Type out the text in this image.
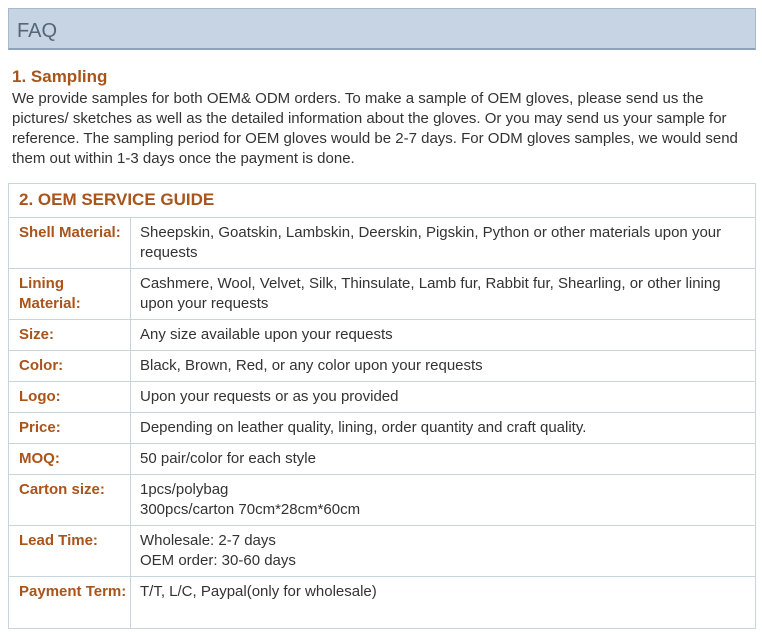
FAQ
1. Sampling
We provide samples for both OEM& ODM orders. To make a sample of OEM gloves, please send us the pictures/ sketches as well as the detailed information about the gloves. Or you may send us your sample for reference. The sampling period for OEM gloves would be 2-7 days. For ODM gloves samples, we would send them out within 1-3 days once the payment is done.
2. OEM SERVICE GUIDE
Shell Material:	Sheepskin, Goatskin, Lambskin, Deerskin, Pigskin, Python or other materials upon your requests
Lining Material:
Cashmere, Wool, Velvet, Silk, Thinsulate, Lamb fur, Rabbit fur, Shearling, or other lining upon your requests
Size:	Any size available upon your requests
Color:	Black, Brown, Red, or any color upon your requests
Logo:	Upon your requests or as you provided
Price:	Depending on leather quality, lining, order quantity and craft quality.
MOQ:	50 pair/color for each style
Carton size:	1pcs/polybag
300pcs/carton 70cm*28cm*60cm
Lead Time:	Wholesale: 2-7 days
OEM order: 30-60 days
Payment Term: T/T, L/C, Paypal(only for wholesale)
